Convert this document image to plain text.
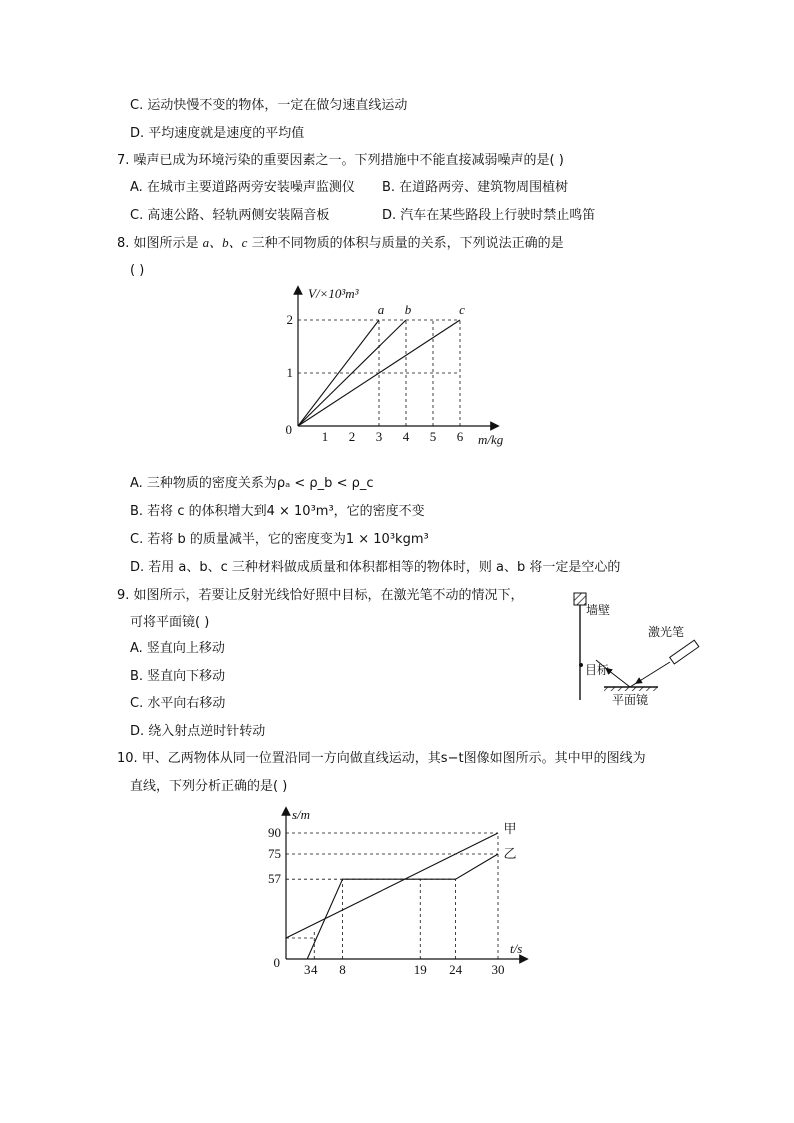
C. 运动快慢不变的物体，一定在做匀速直线运动
D. 平均速度就是速度的平均值
7. 噪声已成为环境污染的重要因素之一。下列措施中不能直接减弱噪声的是( )
A. 在城市主要道路两旁安装噪声监测仪 B. 在道路两旁、建筑物周围植树
C. 高速公路、轻轨两侧安装隔音板	D. 汽车在某些路段上行驶时禁止鸣笛
8. 如图所示是 a、b、c 三种不同物质的体积与质量的关系，下列说法正确的是
( )
1 2 3 4 5 6
0
1
2
a b	c
V/×10³m³
m/kg
A. 三种物质的密度关系为ρₐ < ρ_b < ρ_c
B. 若将 c 的体积增大到4 × 10³m³，它的密度不变
C. 若将 b 的质量减半，它的密度变为1 × 10³kgm³
D. 若用 a、b、c 三种材料做成质量和体积都相等的物体时，则 a、b 将一定是空心的
9. 如图所示，若要让反射光线恰好照中目标，在激光笔不动的情况下，
可将平面镜( )
A. 竖直向上移动
B. 竖直向下移动
C. 水平向右移动
D. 绕入射点逆时针转动
墙壁
目标
激光笔
平面镜
10. 甲、乙两物体从同一位置沿同一方向做直线运动，其s−t图像如图所示。其中甲的图线为
直线，下列分析正确的是( )
3 4 8	19 24 30
0
57
75
90	甲
乙
s/m
t/s
